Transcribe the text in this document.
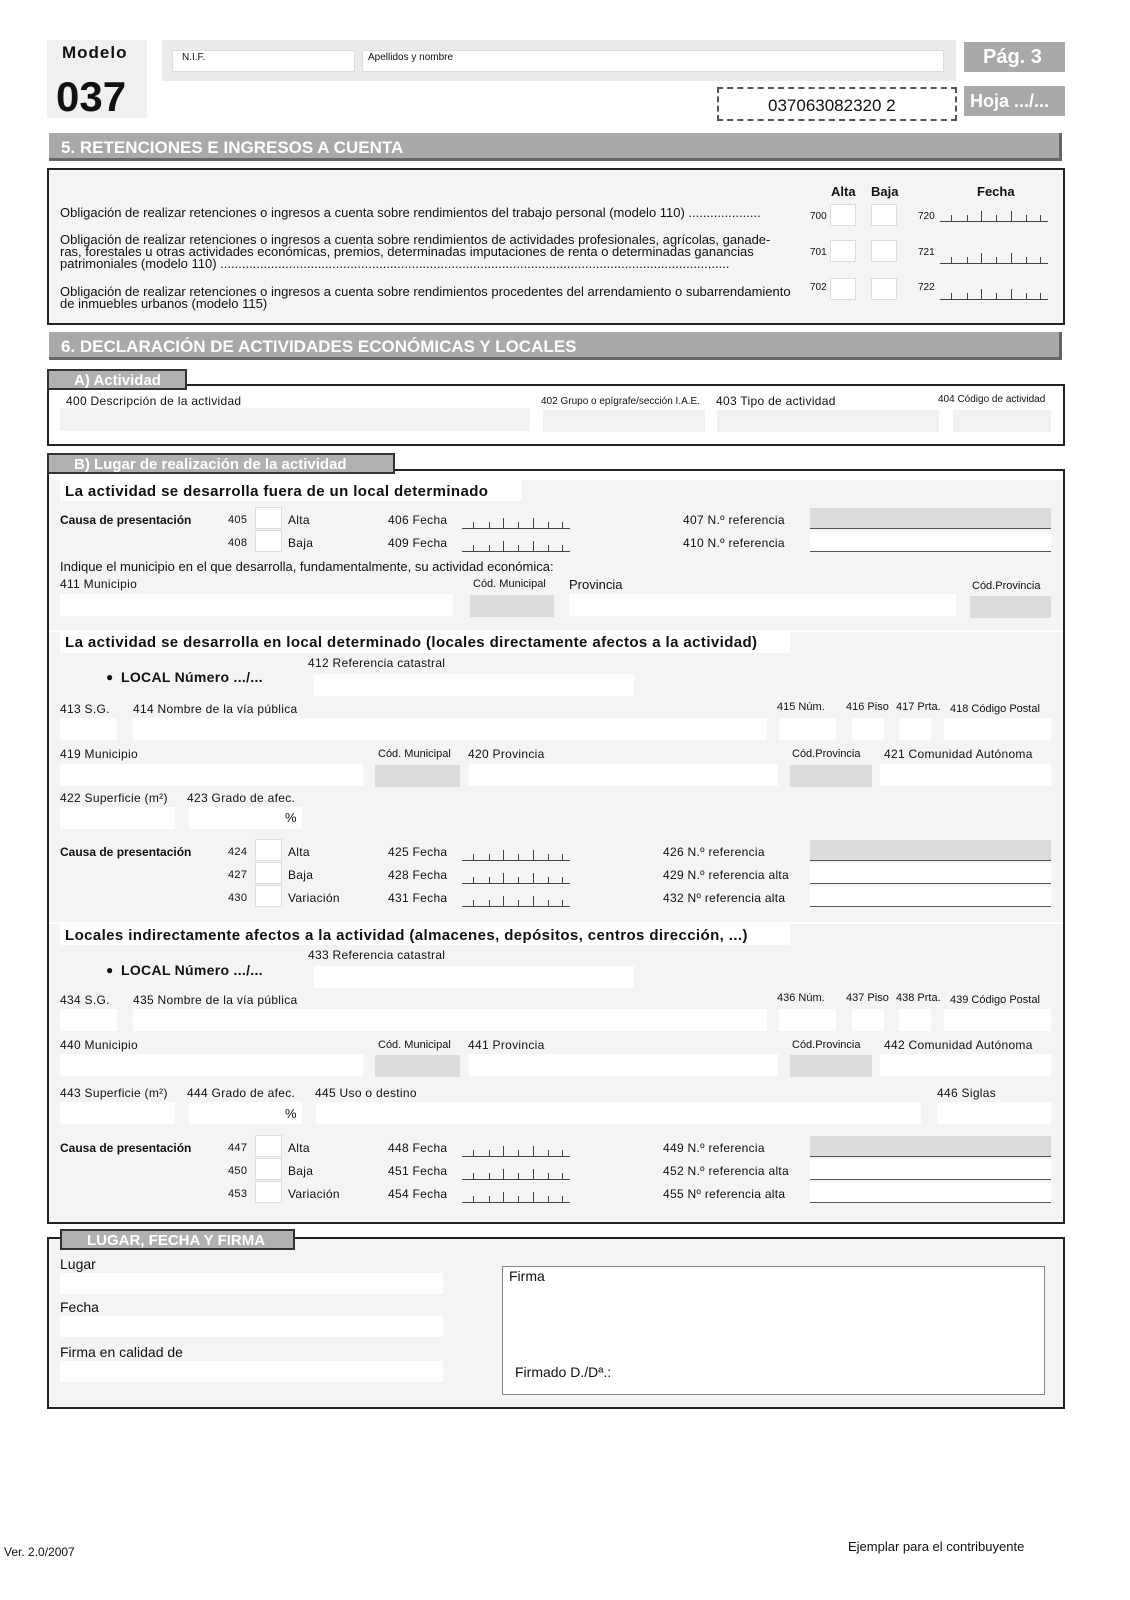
Modelo
037
N.I.F.	Apellidos y nombre	Pág. 3
Hoja .../...
037063082320 2
5. RETENCIONES E INGRESOS A CUENTA
Alta Baja	Fecha
Obligación de realizar retenciones o ingresos a cuenta sobre rendimientos del trabajo personal (modelo 110) ....................	700	720
Obligación de realizar retenciones o ingresos a cuenta sobre rendimientos de actividades profesionales, agrícolas, ganade-
ras, forestales u otras actividades económicas, premios, determinadas imputaciones de renta o determinadas ganancias
patrimoniales (modelo 110) .............................................................................................................................................
701	721
Obligación de realizar retenciones o ingresos a cuenta sobre rendimientos procedentes del arrendamiento o subarrendamiento
de inmuebles urbanos (modelo 115)
702	722
6. DECLARACIÓN DE ACTIVIDADES ECONÓMICAS Y LOCALES
A) Actividad
400 Descripción de la actividad	402 Grupo o epígrafe/sección I.A.E. 403 Tipo de actividad	404 Código de actividad
B) Lugar de realización de la actividad
La actividad se desarrolla fuera de un local determinado
Causa de presentación	405	Alta	406 Fecha	407 N.º referencia
408	Baja	409 Fecha	410 N.º referencia
Indique el municipio en el que desarrolla, fundamentalmente, su actividad económica:
411 Municipio	Cód. Municipal Provincia	Cód.Provincia
La actividad se desarrolla en local determinado (locales directamente afectos a la actividad)
● LOCAL Número .../...
412 Referencia catastral
413 S.G. 414 Nombre de la vía pública	415 Núm. 416 Piso 417 Prta. 418 Código Postal
419 Municipio	Cód. Municipal 420 Provincia	Cód.Provincia 421 Comunidad Autónoma
422 Superficie (m²) 423 Grado de afec.
%
Causa de presentación	424	Alta	425 Fecha	426 N.º referencia
427	Baja	428 Fecha	429 N.º referencia alta
430	Variación	431 Fecha	432 Nº referencia alta
Locales indirectamente afectos a la actividad (almacenes, depósitos, centros dirección, ...)
● LOCAL Número .../...
433 Referencia catastral
434 S.G. 435 Nombre de la vía pública	436 Núm. 437 Piso 438 Prta. 439 Código Postal
440 Municipio	Cód. Municipal 441 Provincia	Cód.Provincia 442 Comunidad Autónoma
443 Superficie (m²) 444 Grado de afec.
%
445 Uso o destino	446 Siglas
Causa de presentación	447	Alta	448 Fecha	449 N.º referencia
450	Baja	451 Fecha	452 N.º referencia alta
453	Variación	454 Fecha	455 Nº referencia alta
LUGAR, FECHA Y FIRMA
Lugar
Fecha
Firma en calidad de
Firma
Firmado D./Dª.:
Ver. 2.0/2007	Ejemplar para el contribuyente
